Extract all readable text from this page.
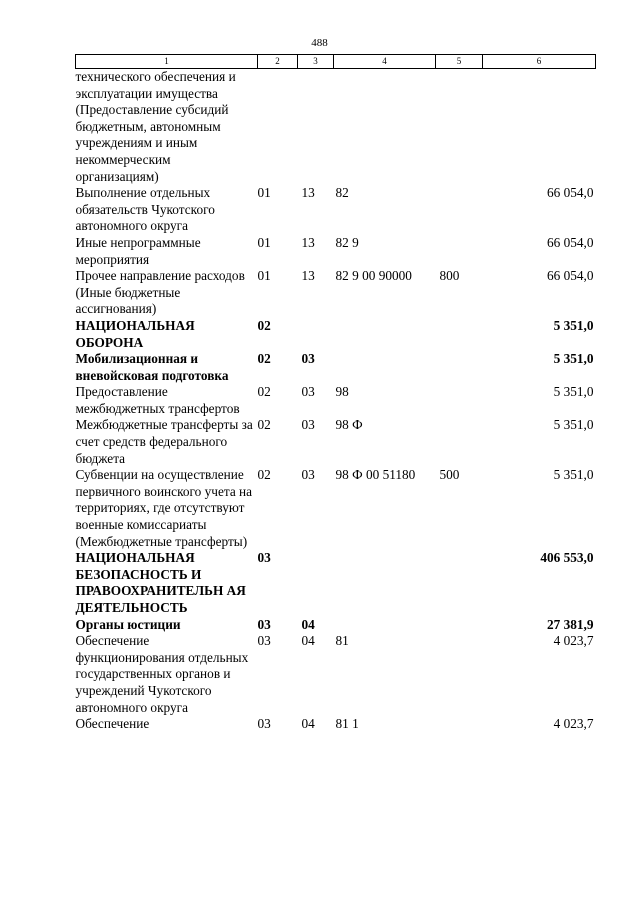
488
1	2	3	4	5	6
технического обеспечения и эксплуатации имущества (Предоставление субсидий бюджетным, автономным учреждениям и иным некоммерческим организациям)					
Выполнение отдельных обязательств Чукотского автономного округа	01	13	82		66 054,0
Иные непрограммные мероприятия	01	13	82 9		66 054,0
Прочее направление расходов (Иные бюджетные ассигнования)	01	13	82 9 00 90000	800	66 054,0
НАЦИОНАЛЬНАЯ ОБОРОНА	02				5 351,0
Мобилизационная и вневойсковая подготовка	02	03			5 351,0
Предоставление межбюджетных трансфертов	02	03	98		5 351,0
Межбюджетные трансферты за счет средств федерального бюджета	02	03	98 Ф		5 351,0
Субвенции на осуществление первичного воинского учета на территориях, где отсутствуют военные комиссариаты (Межбюджетные трансферты)	02	03	98 Ф 00 51180	500	5 351,0
НАЦИОНАЛЬНАЯ БЕЗОПАСНОСТЬ И ПРАВООХРАНИТЕЛЬН АЯ ДЕЯТЕЛЬНОСТЬ	03				406 553,0
Органы юстиции	03	04			27 381,9
Обеспечение функционирования отдельных государственных органов и учреждений Чукотского автономного округа	03	04	81		4 023,7
Обеспечение	03	04	81 1		4 023,7
